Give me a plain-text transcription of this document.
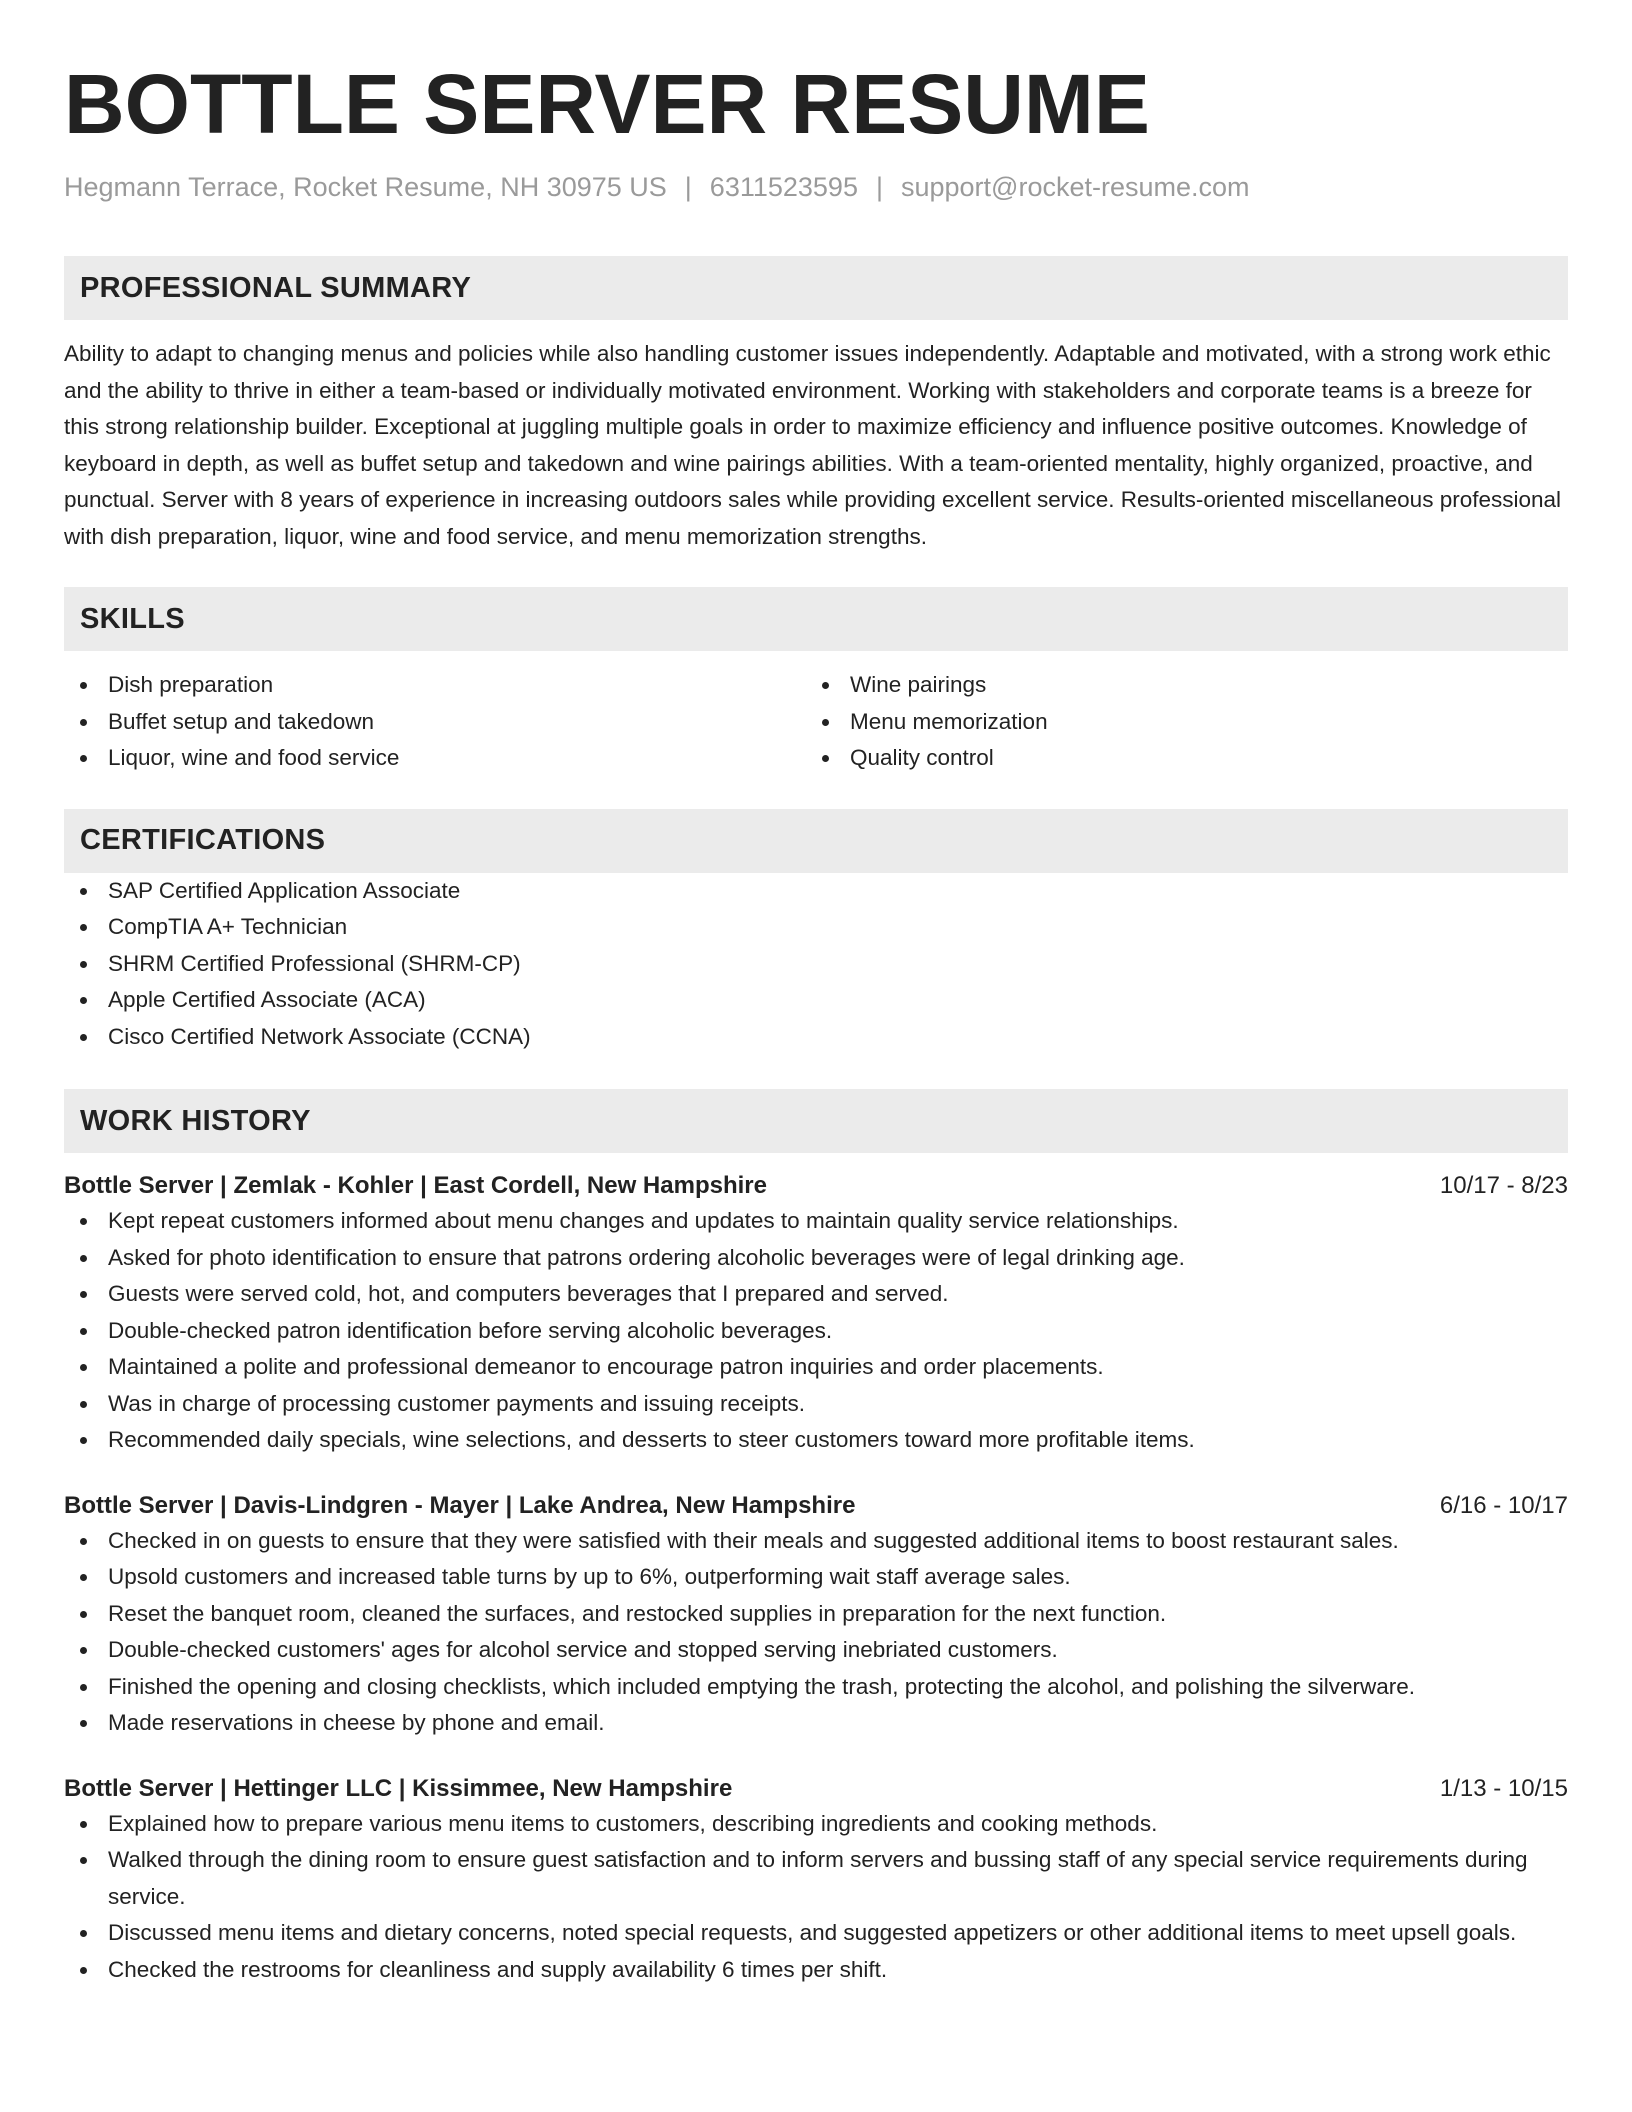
BOTTLE SERVER RESUME
Hegmann Terrace, Rocket Resume, NH 30975 US | 6311523595 | support@rocket-resume.com
PROFESSIONAL SUMMARY
Ability to adapt to changing menus and policies while also handling customer issues independently. Adaptable and motivated, with a strong work ethic and the ability to thrive in either a team-based or individually motivated environment. Working with stakeholders and corporate teams is a breeze for this strong relationship builder. Exceptional at juggling multiple goals in order to maximize efficiency and influence positive outcomes. Knowledge of keyboard in depth, as well as buffet setup and takedown and wine pairings abilities. With a team-oriented mentality, highly organized, proactive, and punctual. Server with 8 years of experience in increasing outdoors sales while providing excellent service. Results-oriented miscellaneous professional with dish preparation, liquor, wine and food service, and menu memorization strengths.
SKILLS
Dish preparation
Buffet setup and takedown
Liquor, wine and food service
Wine pairings
Menu memorization
Quality control
CERTIFICATIONS
SAP Certified Application Associate
CompTIA A+ Technician
SHRM Certified Professional (SHRM-CP)
Apple Certified Associate (ACA)
Cisco Certified Network Associate (CCNA)
WORK HISTORY
Bottle Server | Zemlak - Kohler | East Cordell, New Hampshire	10/17 - 8/23
Kept repeat customers informed about menu changes and updates to maintain quality service relationships.
Asked for photo identification to ensure that patrons ordering alcoholic beverages were of legal drinking age.
Guests were served cold, hot, and computers beverages that I prepared and served.
Double-checked patron identification before serving alcoholic beverages.
Maintained a polite and professional demeanor to encourage patron inquiries and order placements.
Was in charge of processing customer payments and issuing receipts.
Recommended daily specials, wine selections, and desserts to steer customers toward more profitable items.
Bottle Server | Davis-Lindgren - Mayer | Lake Andrea, New Hampshire	6/16 - 10/17
Checked in on guests to ensure that they were satisfied with their meals and suggested additional items to boost restaurant sales.
Upsold customers and increased table turns by up to 6%, outperforming wait staff average sales.
Reset the banquet room, cleaned the surfaces, and restocked supplies in preparation for the next function.
Double-checked customers' ages for alcohol service and stopped serving inebriated customers.
Finished the opening and closing checklists, which included emptying the trash, protecting the alcohol, and polishing the silverware.
Made reservations in cheese by phone and email.
Bottle Server | Hettinger LLC | Kissimmee, New Hampshire	1/13 - 10/15
Explained how to prepare various menu items to customers, describing ingredients and cooking methods.
Walked through the dining room to ensure guest satisfaction and to inform servers and bussing staff of any special service requirements during service.
Discussed menu items and dietary concerns, noted special requests, and suggested appetizers or other additional items to meet upsell goals.
Checked the restrooms for cleanliness and supply availability 6 times per shift.
